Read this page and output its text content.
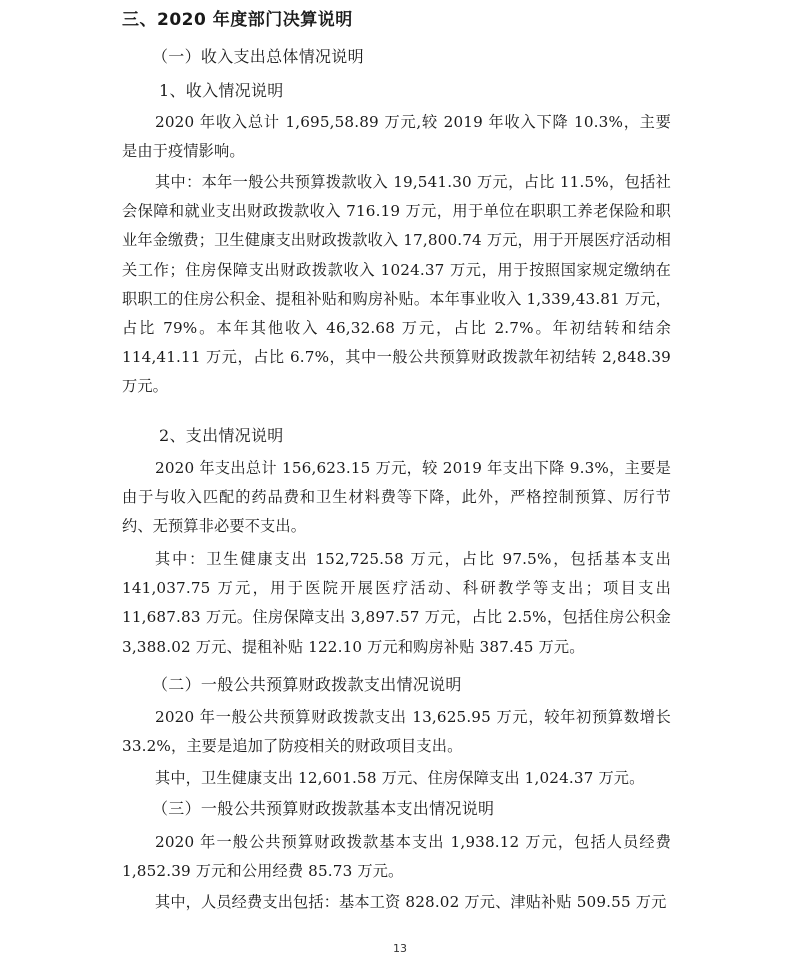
三、2020 年度部门决算说明
（一）收入支出总体情况说明
1、收入情况说明
2020 年收入总计 1,695,58.89 万元,较 2019 年收入下降 10.3%，主要是由于疫情影响。
其中：本年一般公共预算拨款收入 19,541.30 万元，占比 11.5%，包括社会保障和就业支出财政拨款收入 716.19 万元，用于单位在职职工养老保险和职业年金缴费；卫生健康支出财政拨款收入 17,800.74 万元，用于开展医疗活动相关工作；住房保障支出财政拨款收入 1024.37 万元，用于按照国家规定缴纳在职职工的住房公积金、提租补贴和购房补贴。本年事业收入 1,339,43.81 万元，占比 79%。本年其他收入 46,32.68 万元，占比 2.7%。年初结转和结余 114,41.11 万元，占比 6.7%，其中一般公共预算财政拨款年初结转 2,848.39 万元。
2、支出情况说明
2020 年支出总计 156,623.15 万元，较 2019 年支出下降 9.3%，主要是由于与收入匹配的药品费和卫生材料费等下降，此外，严格控制预算、厉行节约、无预算非必要不支出。
其中：卫生健康支出 152,725.58 万元，占比 97.5%，包括基本支出 141,037.75 万元，用于医院开展医疗活动、科研教学等支出；项目支出 11,687.83 万元。住房保障支出 3,897.57 万元，占比 2.5%，包括住房公积金 3,388.02 万元、提租补贴 122.10 万元和购房补贴 387.45 万元。
（二）一般公共预算财政拨款支出情况说明
2020 年一般公共预算财政拨款支出 13,625.95 万元，较年初预算数增长 33.2%，主要是追加了防疫相关的财政项目支出。
其中，卫生健康支出 12,601.58 万元、住房保障支出 1,024.37 万元。
（三）一般公共预算财政拨款基本支出情况说明
2020 年一般公共预算财政拨款基本支出 1,938.12 万元，包括人员经费 1,852.39 万元和公用经费 85.73 万元。
其中，人员经费支出包括：基本工资 828.02 万元、津贴补贴 509.55 万元
13
